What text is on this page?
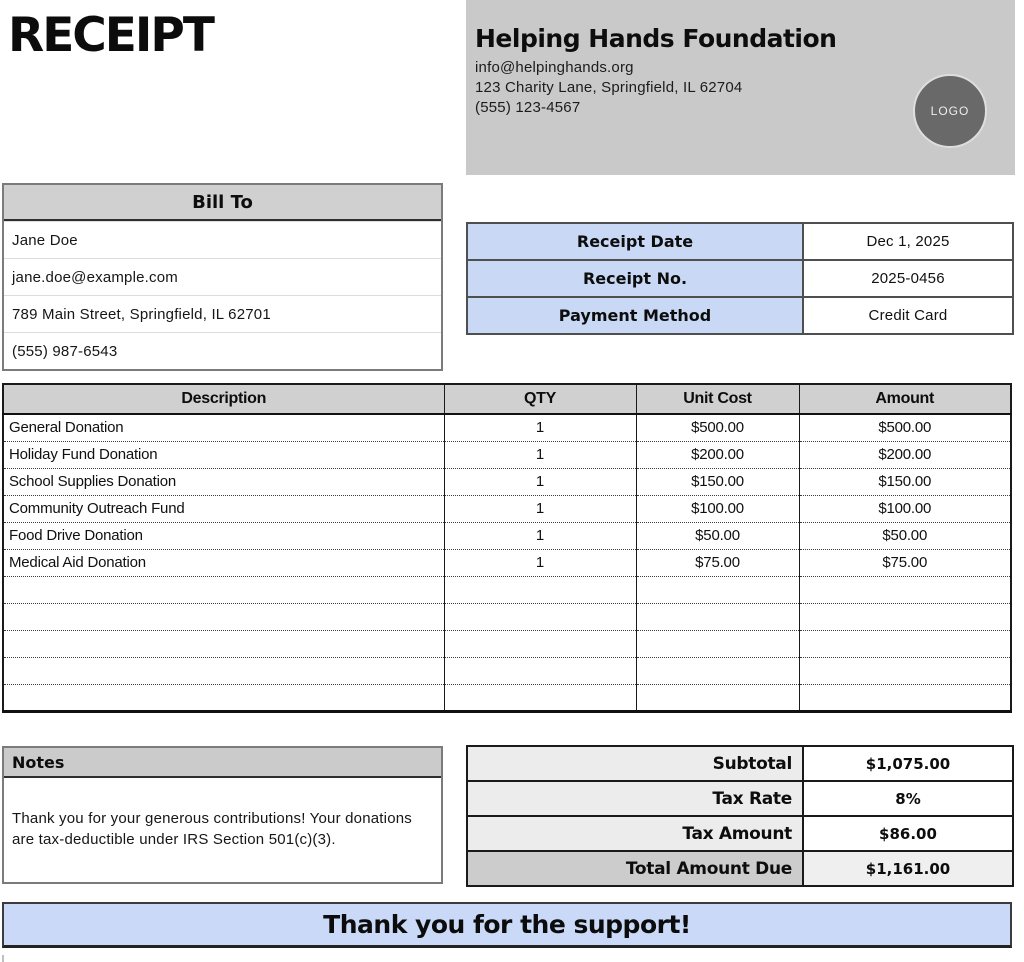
RECEIPT	Helping Hands Foundation
info@helpinghands.org
123 Charity Lane, Springfield, IL 62704
(555) 123-4567	LOGO
Bill To
Jane Doe
jane.doe@example.com
789 Main Street, Springfield, IL 62701
(555) 987-6543
Receipt Date	Dec 1, 2025
Receipt No.	2025-0456
Payment Method	Credit Card
Description	QTY	Unit Cost	Amount
General Donation	1	$500.00	$500.00
Holiday Fund Donation	1	$200.00	$200.00
School Supplies Donation	1	$150.00	$150.00
Community Outreach Fund	1	$100.00	$100.00
Food Drive Donation	1	$50.00	$50.00
Medical Aid Donation	1	$75.00	$75.00

Notes
Thank you for your generous contributions! Your donations are tax-deductible under IRS Section 501(c)(3).
Subtotal	$1,075.00
Tax Rate	8%
Tax Amount	$86.00
Total Amount Due	$1,161.00
Thank you for the support!
